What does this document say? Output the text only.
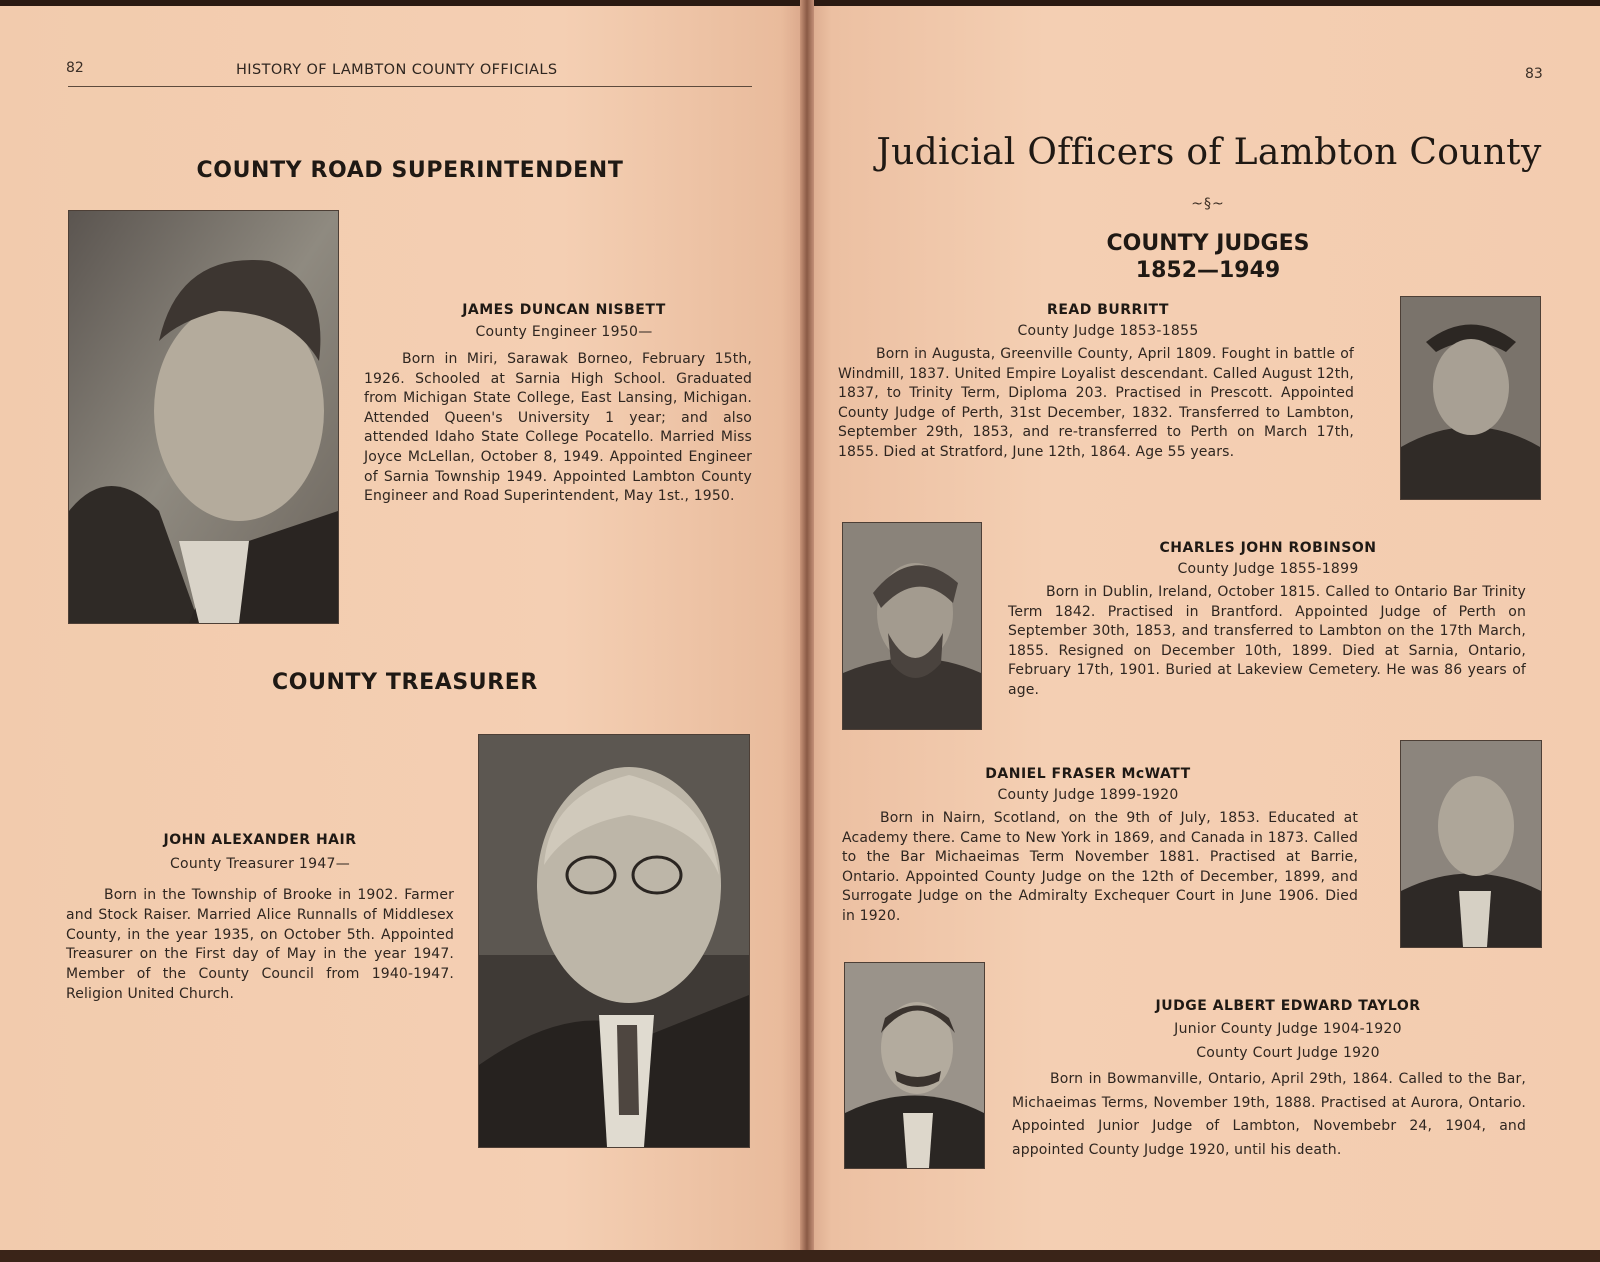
82	HISTORY OF LAMBTON COUNTY OFFICIALS
COUNTY ROAD SUPERINTENDENT
JAMES DUNCAN NISBETT
County Engineer 1950—

Born in Miri, Sarawak Borneo, February 15th, 1926. Schooled at Sarnia High School. Graduated from Michigan State College, East Lansing, Michigan. Attended Queen's University 1 year; and also attended Idaho State College Pocatello. Married Miss Joyce McLellan, October 8, 1949. Appointed Engineer of Sarnia Township 1949. Appointed Lambton County Engineer and Road Superintendent, May 1st., 1950.

COUNTY TREASURER
JOHN ALEXANDER HAIR
County Treasurer 1947—

Born in the Township of Brooke in 1902. Farmer and Stock Raiser. Married Alice Runnalls of Middlesex County, in the year 1935, on October 5th. Appointed Treasurer on the First day of May in the year 1947. Member of the County Council from 1940-1947. Religion United Church.

83
Judicial Officers of Lambton County
~§~
COUNTY JUDGES
1852—1949
READ BURRITT
County Judge 1853-1855

Born in Augusta, Greenville County, April 1809. Fought in battle of Windmill, 1837. United Empire Loyalist descendant. Called August 12th, 1837, to Trinity Term, Diploma 203. Practised in Prescott. Appointed County Judge of Perth, 31st December, 1832. Transferred to Lambton, September 29th, 1853, and re-transferred to Perth on March 17th, 1855. Died at Stratford, June 12th, 1864. Age 55 years.

CHARLES JOHN ROBINSON
County Judge 1855-1899

Born in Dublin, Ireland, October 1815. Called to Ontario Bar Trinity Term 1842. Practised in Brantford. Appointed Judge of Perth on September 30th, 1853, and transferred to Lambton on the 17th March, 1855. Resigned on December 10th, 1899. Died at Sarnia, Ontario, February 17th, 1901. Buried at Lakeview Cemetery. He was 86 years of age.

DANIEL FRASER McWATT
County Judge 1899-1920

Born in Nairn, Scotland, on the 9th of July, 1853. Educated at Academy there. Came to New York in 1869, and Canada in 1873. Called to the Bar Michaeimas Term November 1881. Practised at Barrie, Ontario. Appointed County Judge on the 12th of December, 1899, and Surrogate Judge on the Admiralty Exchequer Court in June 1906. Died in 1920.

JUDGE ALBERT EDWARD TAYLOR
Junior County Judge 1904-1920
County Court Judge 1920

Born in Bowmanville, Ontario, April 29th, 1864. Called to the Bar, Michaeimas Terms, November 19th, 1888. Practised at Aurora, Ontario. Appointed Junior Judge of Lambton, Novembebr 24, 1904, and appointed County Judge 1920, until his death.
